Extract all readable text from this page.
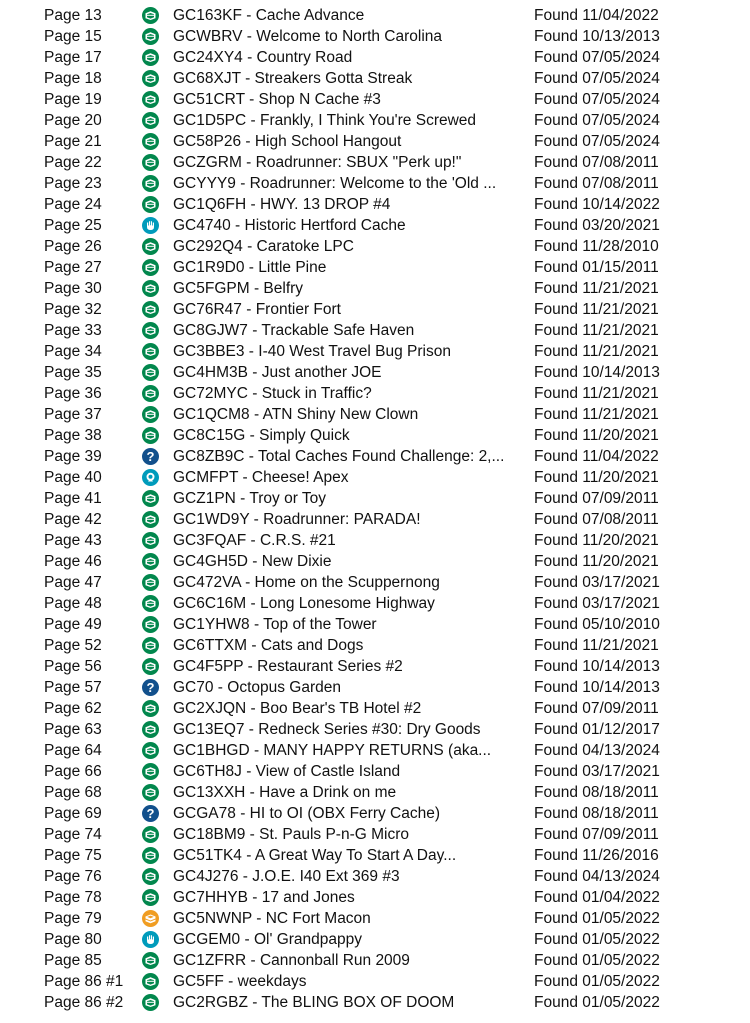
Page 13	GC163KF - Cache Advance	Found 11/04/2022
Page 15	GCWBRV - Welcome to North Carolina	Found 10/13/2013
Page 17	GC24XY4 - Country Road	Found 07/05/2024
Page 18	GC68XJT - Streakers Gotta Streak	Found 07/05/2024
Page 19	GC51CRT - Shop N Cache #3	Found 07/05/2024
Page 20	GC1D5PC - Frankly, I Think You're Screwed	Found 07/05/2024
Page 21	GC58P26 - High School Hangout	Found 07/05/2024
Page 22	GCZGRM - Roadrunner: SBUX "Perk up!"	Found 07/08/2011
Page 23	GCYYY9 - Roadrunner: Welcome to the 'Old ...	Found 07/08/2011
Page 24	GC1Q6FH - HWY. 13 DROP #4	Found 10/14/2022
Page 25	GC4740 - Historic Hertford Cache	Found 03/20/2021
Page 26	GC292Q4 - Caratoke LPC	Found 11/28/2010
Page 27	GC1R9D0 - Little Pine	Found 01/15/2011
Page 30	GC5FGPM - Belfry	Found 11/21/2021
Page 32	GC76R47 - Frontier Fort	Found 11/21/2021
Page 33	GC8GJW7 - Trackable Safe Haven	Found 11/21/2021
Page 34	GC3BBE3 - I-40 West Travel Bug Prison	Found 11/21/2021
Page 35	GC4HM3B - Just another JOE	Found 10/14/2013
Page 36	GC72MYC - Stuck in Traffic?	Found 11/21/2021
Page 37	GC1QCM8 - ATN Shiny New Clown	Found 11/21/2021
Page 38	GC8C15G - Simply Quick	Found 11/20/2021
Page 39	? GC8ZB9C - Total Caches Found Challenge: 2,...	Found 11/04/2022
Page 40	GCMFPT - Cheese! Apex	Found 11/20/2021
Page 41	GCZ1PN - Troy or Toy	Found 07/09/2011
Page 42	GC1WD9Y - Roadrunner: PARADA!	Found 07/08/2011
Page 43	GC3FQAF - C.R.S. #21	Found 11/20/2021
Page 46	GC4GH5D - New Dixie	Found 11/20/2021
Page 47	GC472VA - Home on the Scuppernong	Found 03/17/2021
Page 48	GC6C16M - Long Lonesome Highway	Found 03/17/2021
Page 49	GC1YHW8 - Top of the Tower	Found 05/10/2010
Page 52	GC6TTXM - Cats and Dogs	Found 11/21/2021
Page 56	GC4F5PP - Restaurant Series #2	Found 10/14/2013
Page 57	? GC70 - Octopus Garden	Found 10/14/2013
Page 62	GC2XJQN - Boo Bear's TB Hotel #2	Found 07/09/2011
Page 63	GC13EQ7 - Redneck Series #30: Dry Goods	Found 01/12/2017
Page 64	GC1BHGD - MANY HAPPY RETURNS (aka...	Found 04/13/2024
Page 66	GC6TH8J - View of Castle Island	Found 03/17/2021
Page 68	GC13XXH - Have a Drink on me	Found 08/18/2011
Page 69	? GCGA78 - HI to OI (OBX Ferry Cache)	Found 08/18/2011
Page 74	GC18BM9 - St. Pauls P-n-G Micro	Found 07/09/2011
Page 75	GC51TK4 - A Great Way To Start A Day...	Found 11/26/2016
Page 76	GC4J276 - J.O.E. I40 Ext 369 #3	Found 04/13/2024
Page 78	GC7HHYB - 17 and Jones	Found 01/04/2022
Page 79	GC5NWNP - NC Fort Macon	Found 01/05/2022
Page 80	GCGEM0 - Ol' Grandpappy	Found 01/05/2022
Page 85	GC1ZFRR - Cannonball Run 2009	Found 01/05/2022
Page 86 #1	GC5FF - weekdays	Found 01/05/2022
Page 86 #2	GC2RGBZ - The BLING BOX OF DOOM	Found 01/05/2022
